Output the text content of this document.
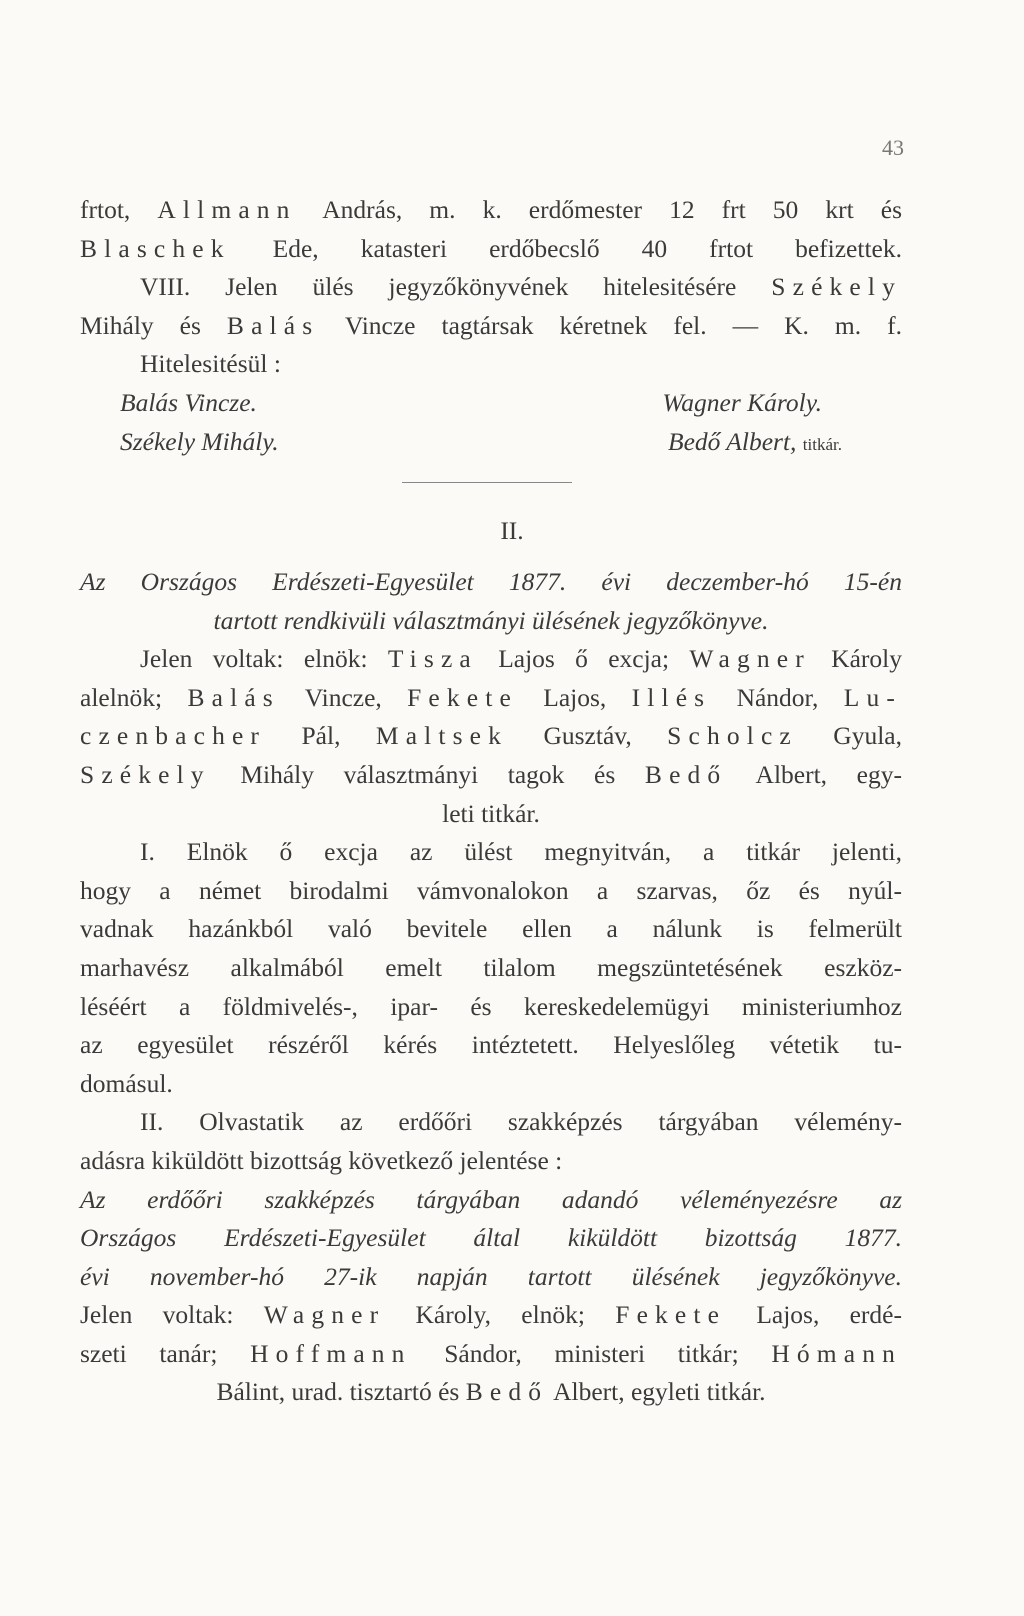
43

frtot, Allmann András, m. k. erdőmester 12 frt 50 krt és

Blaschek Ede, katasteri erdőbecslő 40 frtot befizettek.

VIII. Jelen ülés jegyzőkönyvének hitelesitésére Székely

Mihály és Balás Vincze tagtársak kéretnek fel. — K. m. f.

Hitelesitésül :

Balás Vincze.	Wagner Károly.
Székely Mihály.	Bedő Albert, titkár.
II.

Az Országos Erdészeti-Egyesület 1877. évi deczember-hó 15-én

tartott rendkivüli választmányi ülésének jegyzőkönyve.

Jelen voltak: elnök: Tisza Lajos ő excja; Wagner Károly

alelnök; Balás Vincze, Fekete Lajos, Illés Nándor, Lu-

czenbacher Pál, Maltsek Gusztáv, Scholcz Gyula,

Székely Mihály választmányi tagok és Bedő Albert, egy-

leti titkár.

I. Elnök ő excja az ülést megnyitván, a titkár jelenti,

hogy a német birodalmi vámvonalokon a szarvas, őz és nyúl-

vadnak hazánkból való bevitele ellen a nálunk is felmerült

marhavész alkalmából emelt tilalom megszüntetésének eszköz-

léséért a földmivelés-, ipar- és kereskedelemügyi ministeriumhoz

az egyesület részéről kérés intéztetett. Helyeslőleg vétetik tu-

domásul.

II. Olvastatik az erdőőri szakképzés tárgyában vélemény-

adásra kiküldött bizottság következő jelentése :

Az erdőőri szakképzés tárgyában adandó véleményezésre az

Országos Erdészeti-Egyesület által kiküldött bizottság 1877.

évi november-hó 27-ik napján tartott ülésének jegyzőkönyve.

Jelen voltak: Wagner Károly, elnök; Fekete Lajos, erdé-

szeti tanár; Hoffmann Sándor, ministeri titkár; Hómann

Bálint, urad. tisztartó és Bedő Albert, egyleti titkár.
